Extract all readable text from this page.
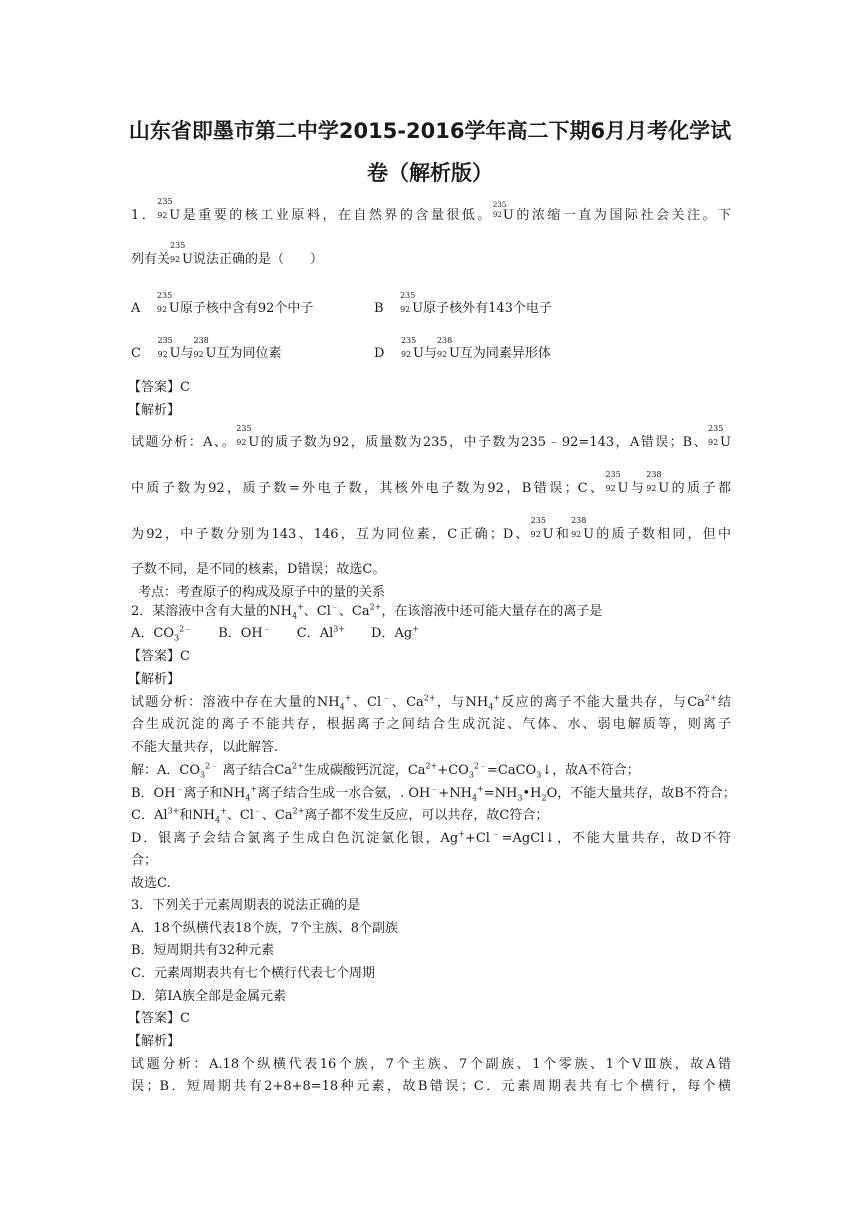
山东省即墨市第二中学2015-2016学年高二下期6月月考化学试
卷（解析版）
1．
235
92 U是重要的核工业原料，在自然界的含量很低。
235
92 U的浓缩一直为国际社会关注。下
列有关
235
92 U说法正确的是（　　）
A
235
92 U原子核中含有92个中子	B
235
92 U原子核外有143个电子
C
235
92 U与
238
92 U互为同位素	D
235
92 U与
238
92 U互为同素异形体
【答案】C
【解析】
试题分析：A、。
235
92 U的质子数为92，质量数为235，中子数为235﹣92=143，A错误；B、
235
92 U
中质子数为92，质子数=外电子数，其核外电子数为92，B错误；C、
235
92 U与
238
92 U的质子都
为92，中子数分别为143、146，互为同位素，C正确；D、
235
92 U和
238
92 U的质子数相同，但中
子数不同，是不同的核素，D错误；故选C。
考点：考查原子的构成及原子中的量的关系
2．某溶液中含有大量的$NH_4^+$、Cl﹣、$Ca^{2+}$，在该溶液中还可能大量存在的离子是
A．$CO_3^{2﹣}$　　B．OH﹣　　C．$Al^{3+}$　　D．Ag+
【答案】C
【解析】
试题分析：溶液中存在大量的$NH_4^+$、Cl﹣、$Ca^{2+}$，与$NH_4^+$反应的离子不能大量共存，与$Ca^{2+}$结
合生成沉淀的离子不能共存，根据离子之间结合生成沉淀、气体、水、弱电解质等，则离子
不能大量共存，以此解答.
解：A．$CO_3^{2﹣}$ 离子结合$Ca^{2+}$生成碳酸钙沉淀，$Ca^{2+}+CO_3^{2﹣}=CaCO_3↓$，故A不符合；
B．OH﹣离子和$NH_4^+$离子结合生成一水合氨，. $OH^﹣+NH_4^+=NH_3•H_2O$，不能大量共存，故B不符合；
C．$Al^{3+}$和$NH_4^+$、Cl﹣、$Ca^{2+}$离子都不发生反应，可以共存，故C符合；
D．银离子会结合氯离子生成白色沉淀氯化银，Ag++Cl﹣=AgCl↓，不能大量共存，故D不符
合；
故选C.
3．下列关于元素周期表的说法正确的是
A．18个纵横代表18个族，7个主族、8个副族
B．短周期共有32种元素
C．元素周期表共有七个横行代表七个周期
D．第IA族全部是金属元素
【答案】C
【解析】
试题分析：A.18个纵横代表16个族，7个主族、7个副族、1个零族、1个ⅤⅢ族，故A错
误；B．短周期共有2+8+8=18种元素，故B错误；C．元素周期表共有七个横行，每个横
